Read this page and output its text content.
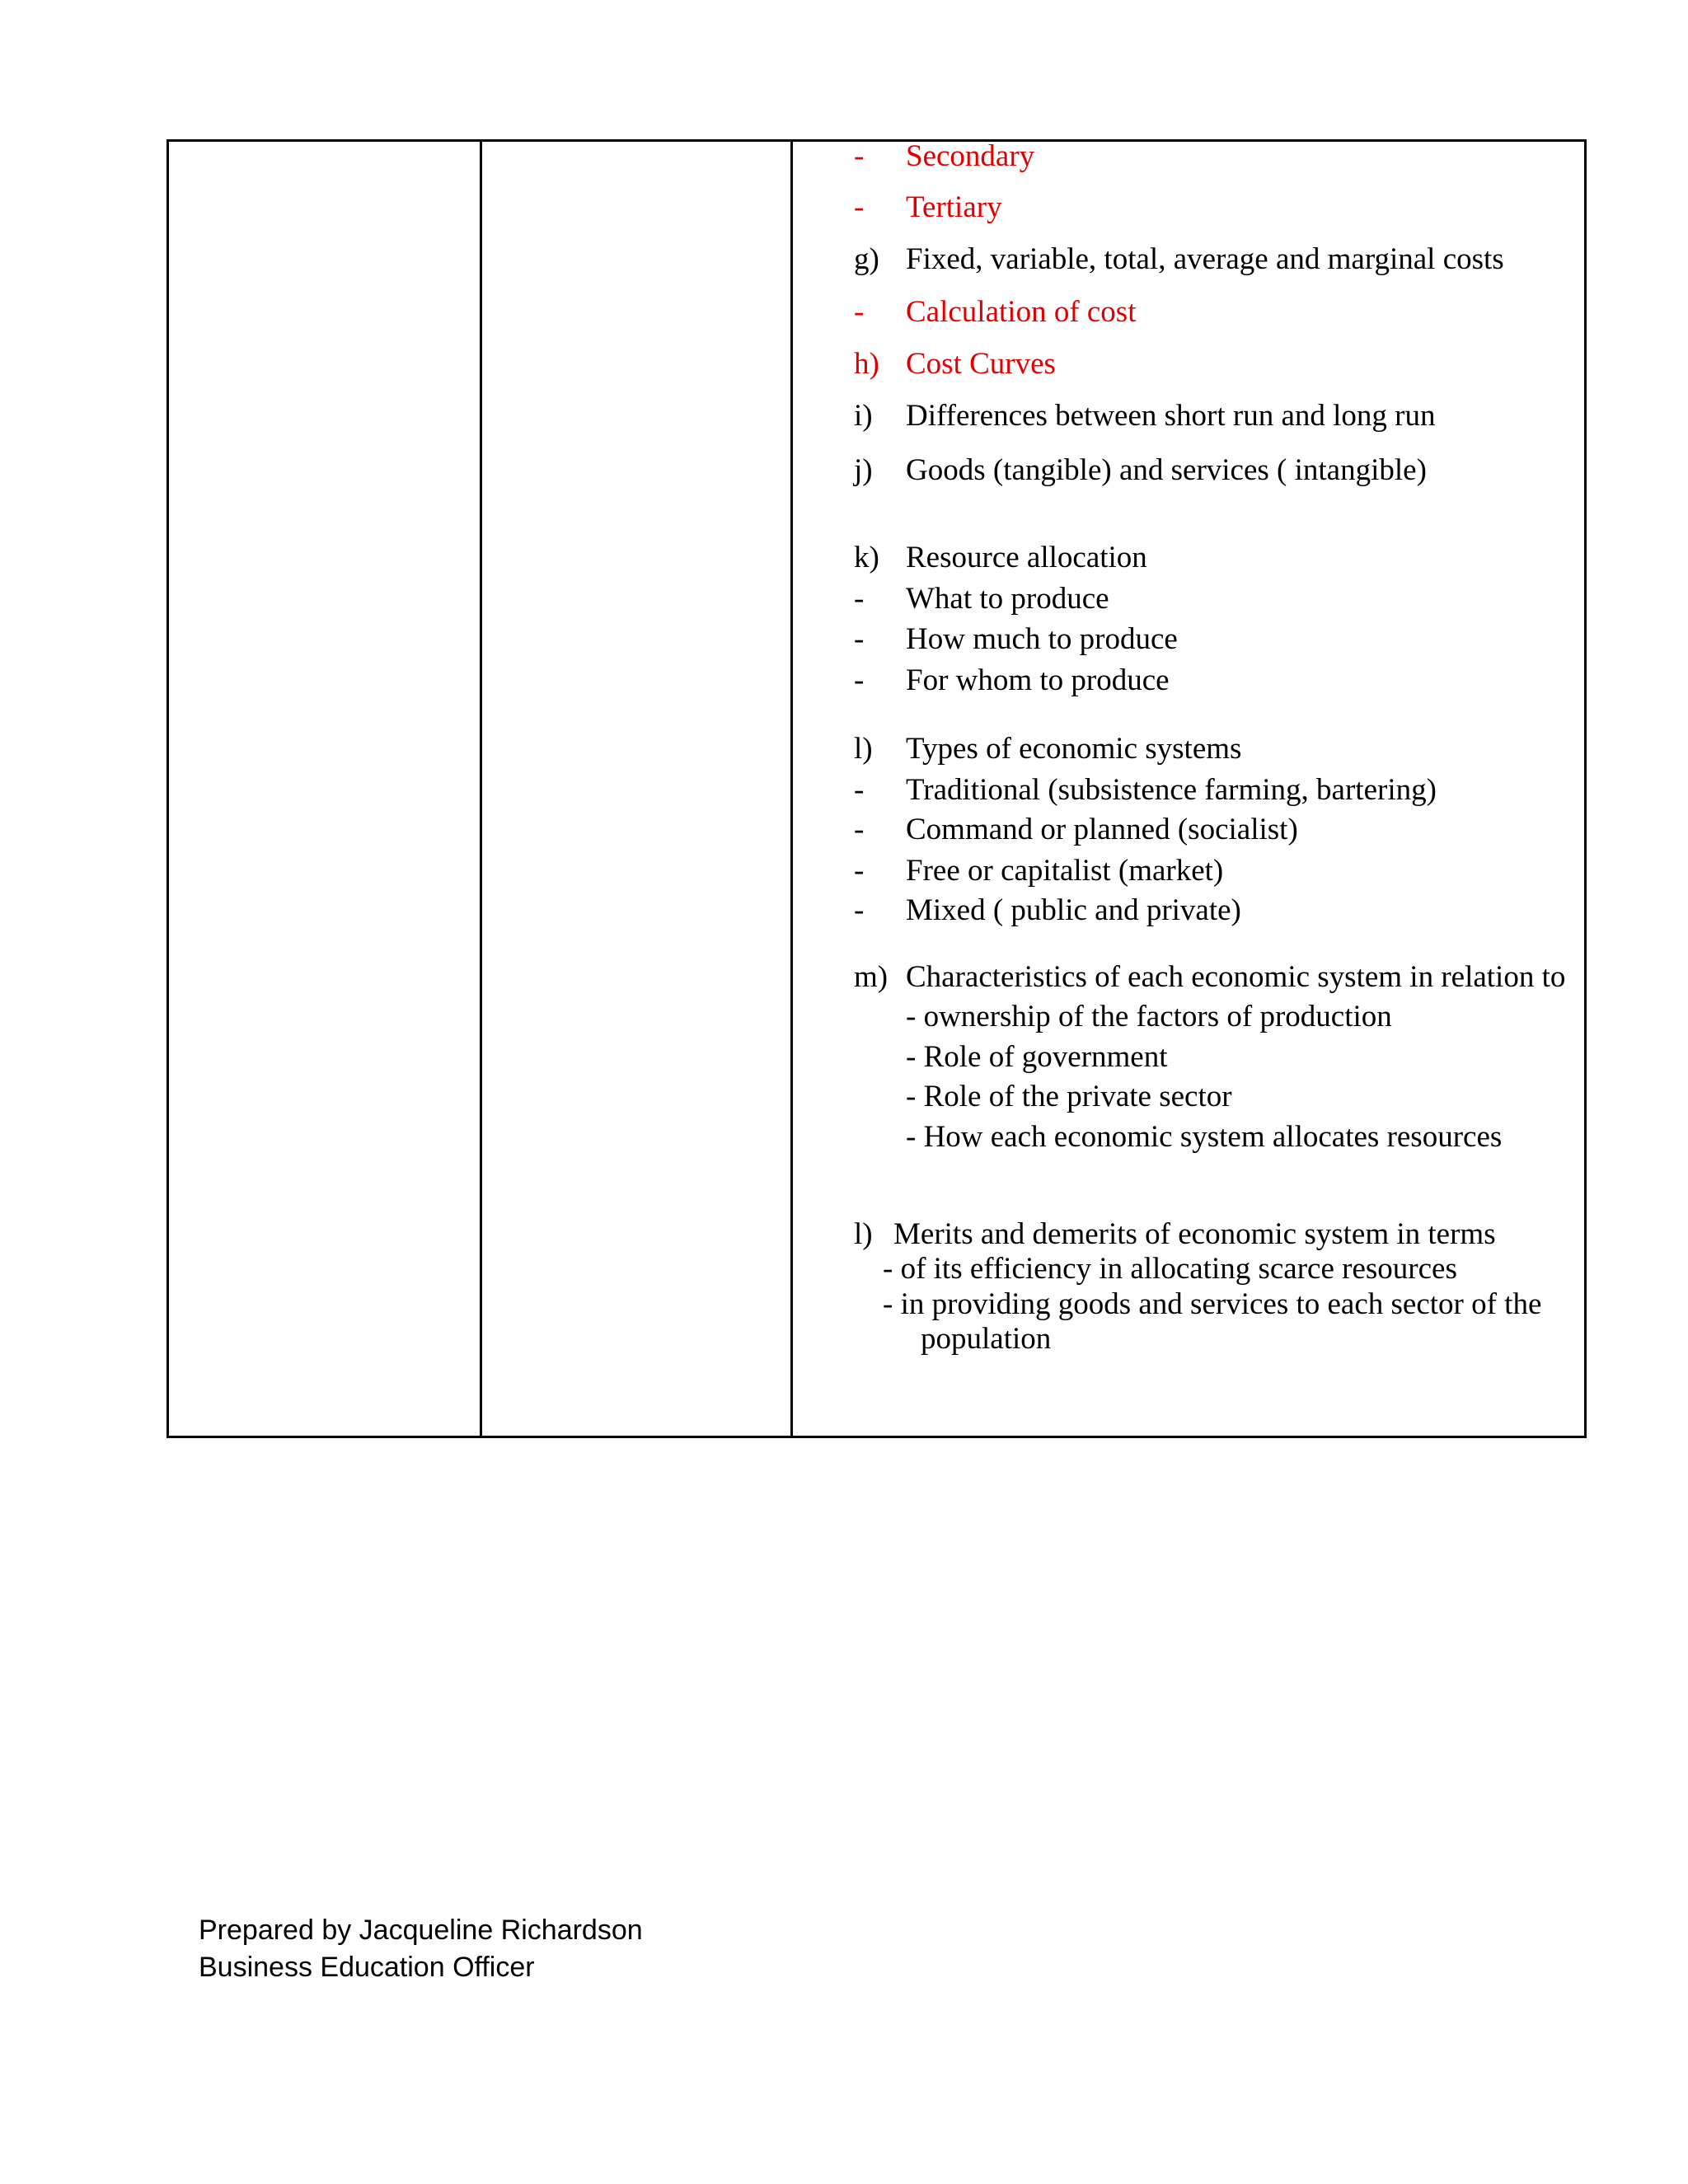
- Secondary
- Tertiary
g) Fixed, variable, total, average and marginal costs
- Calculation of cost
h) Cost Curves
i) Differences between short run and long run
j) Goods (tangible) and services ( intangible)
k) Resource allocation
- What to produce
- How much to produce
- For whom to produce
l) Types of economic systems
- Traditional (subsistence farming, bartering)
- Command or planned (socialist)
- Free or capitalist (market)
- Mixed ( public and private)
m) Characteristics of each economic system in relation to
- ownership of the factors of production
- Role of government
- Role of the private sector
- How each economic system allocates resources
l) Merits and demerits of economic system in terms
- of its efficiency in allocating scarce resources
- in providing goods and services to each sector of the
population
Prepared by Jacqueline Richardson
Business Education Officer
